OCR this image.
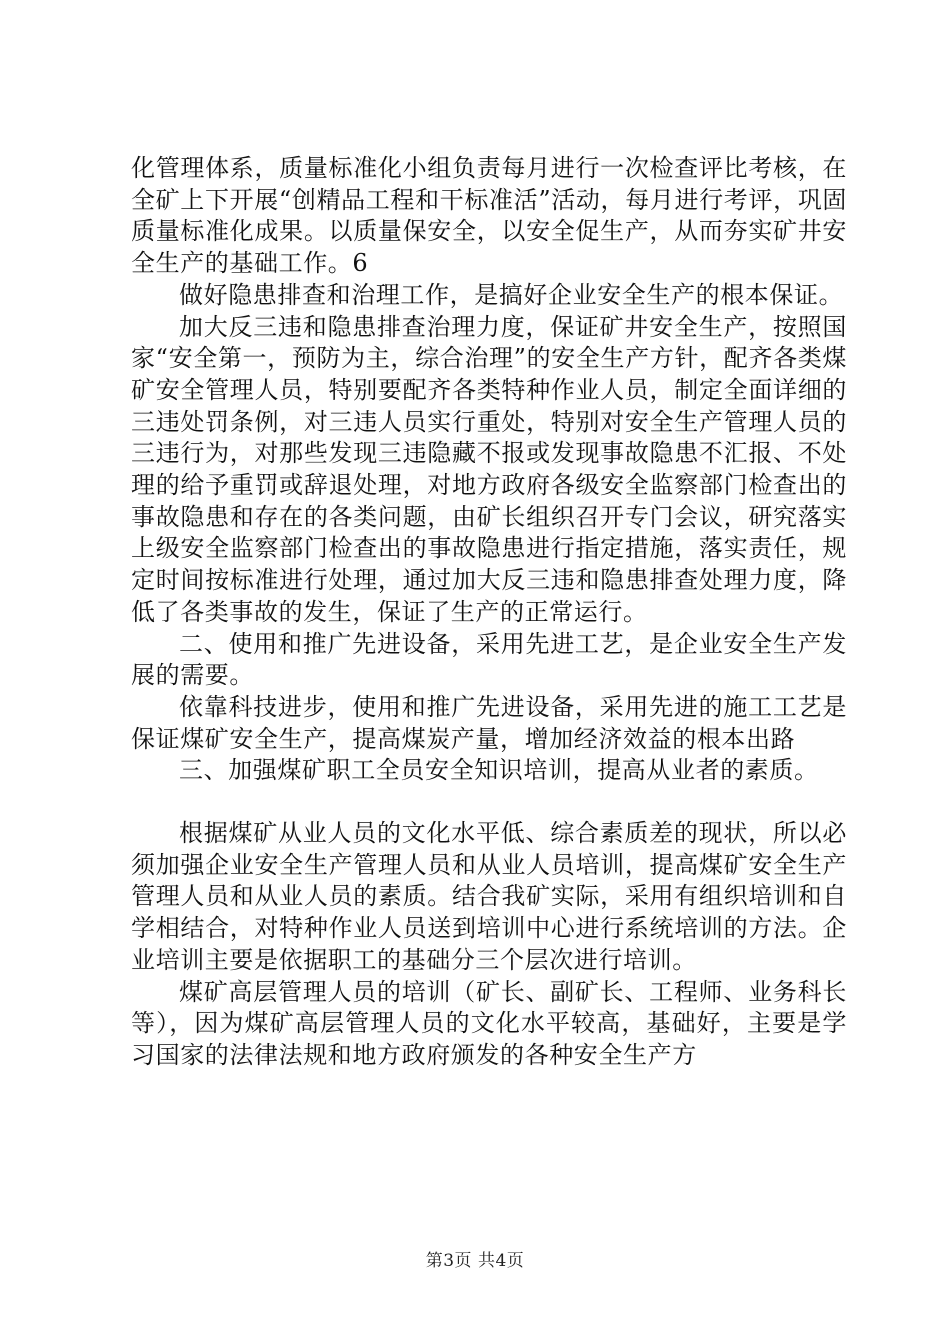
化管理体系，质量标准化小组负责每月进行一次检查评比考核，在全矿上下开展“创精品工程和干标准活”活动，每月进行考评，巩固质量标准化成果。以质量保安全，以安全促生产，从而夯实矿井安全生产的基础工作。6

做好隐患排查和治理工作，是搞好企业安全生产的根本保证。

加大反三违和隐患排查治理力度，保证矿井安全生产，按照国家“安全第一，预防为主，综合治理”的安全生产方针，配齐各类煤矿安全管理人员，特别要配齐各类特种作业人员，制定全面详细的三违处罚条例，对三违人员实行重处，特别对安全生产管理人员的三违行为，对那些发现三违隐藏不报或发现事故隐患不汇报、不处理的给予重罚或辞退处理，对地方政府各级安全监察部门检查出的事故隐患和存在的各类问题，由矿长组织召开专门会议，研究落实上级安全监察部门检查出的事故隐患进行指定措施，落实责任，规定时间按标准进行处理，通过加大反三违和隐患排查处理力度，降低了各类事故的发生，保证了生产的正常运行。

二、使用和推广先进设备，采用先进工艺，是企业安全生产发展的需要。

依靠科技进步，使用和推广先进设备，采用先进的施工工艺是保证煤矿安全生产，提高煤炭产量，增加经济效益的根本出路

三、加强煤矿职工全员安全知识培训，提高从业者的素质。

根据煤矿从业人员的文化水平低、综合素质差的现状，所以必须加强企业安全生产管理人员和从业人员培训，提高煤矿安全生产管理人员和从业人员的素质。结合我矿实际，采用有组织培训和自学相结合，对特种作业人员送到培训中心进行系统培训的方法。企业培训主要是依据职工的基础分三个层次进行培训。

煤矿高层管理人员的培训（矿长、副矿长、工程师、业务科长等），因为煤矿高层管理人员的文化水平较高，基础好，主要是学习国家的法律法规和地方政府颁发的各种安全生产方

第3页 共4页
